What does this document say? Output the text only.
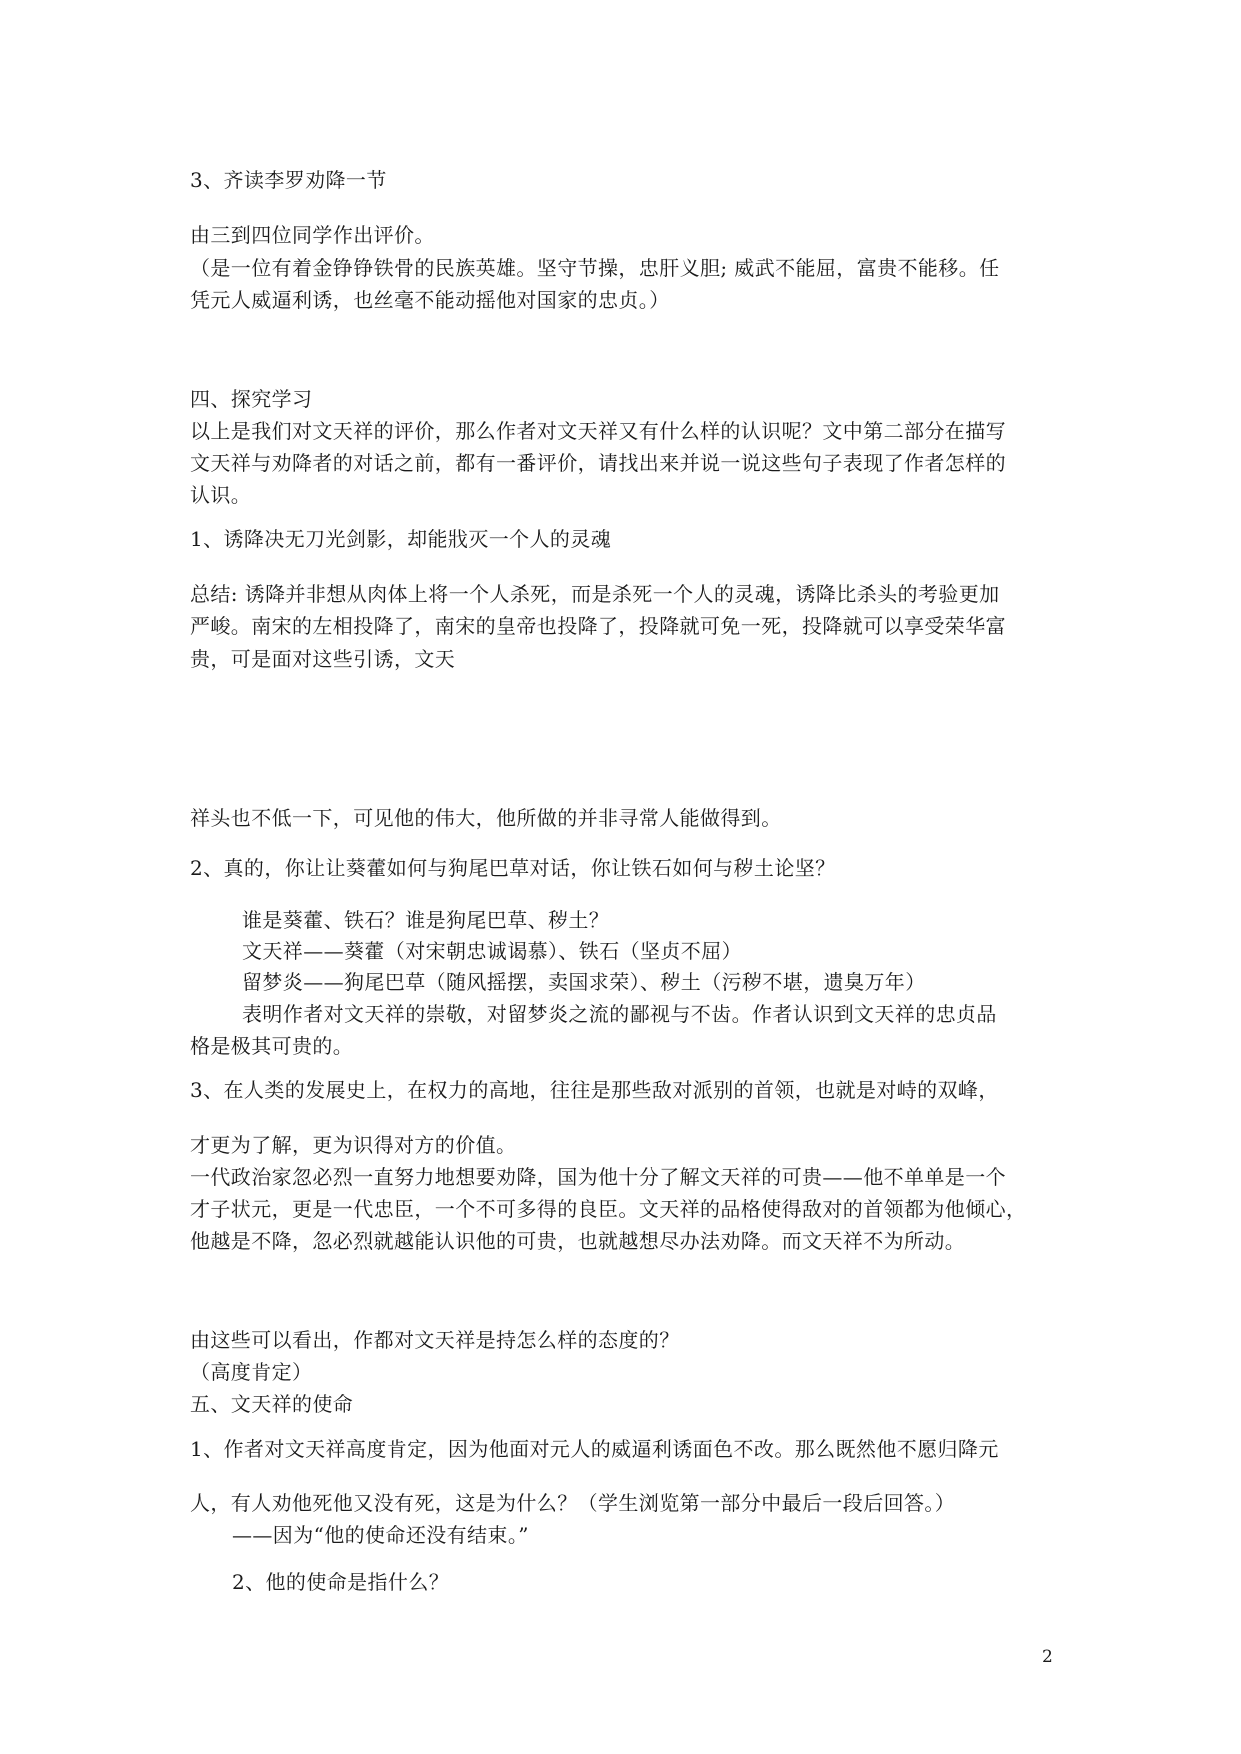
3、齐读李罗劝降一节
由三到四位同学作出评价。
（是一位有着金铮铮铁骨的民族英雄。坚守节操，忠肝义胆; 威武不能屈，富贵不能移。任
凭元人威逼利诱，也丝毫不能动摇他对国家的忠贞。）
四、探究学习
以上是我们对文天祥的评价，那么作者对文天祥又有什么样的认识呢？文中第二部分在描写
文天祥与劝降者的对话之前，都有一番评价，请找出来并说一说这些句子表现了作者怎样的
认识。
1、诱降决无刀光剑影，却能戕灭一个人的灵魂
总结: 诱降并非想从肉体上将一个人杀死，而是杀死一个人的灵魂，诱降比杀头的考验更加
严峻。南宋的左相投降了，南宋的皇帝也投降了，投降就可免一死，投降就可以享受荣华富
贵，可是面对这些引诱，文天
祥头也不低一下，可见他的伟大，他所做的并非寻常人能做得到。
2、真的，你让让葵藿如何与狗尾巴草对话，你让铁石如何与秽土论坚？
谁是葵藿、铁石？谁是狗尾巴草、秽土？
文天祥——葵藿（对宋朝忠诚谒慕）、铁石（坚贞不屈）
留梦炎——狗尾巴草（随风摇摆，卖国求荣）、秽土（污秽不堪，遗臭万年）
表明作者对文天祥的崇敬，对留梦炎之流的鄙视与不齿。作者认识到文天祥的忠贞品
格是极其可贵的。
3、在人类的发展史上，在权力的高地，往往是那些敌对派别的首领，也就是对峙的双峰，
才更为了解，更为识得对方的价值。
一代政治家忽必烈一直努力地想要劝降，国为他十分了解文天祥的可贵——他不单单是一个
才子状元，更是一代忠臣，一个不可多得的良臣。文天祥的品格使得敌对的首领都为他倾心，
他越是不降，忽必烈就越能认识他的可贵，也就越想尽办法劝降。而文天祥不为所动。
由这些可以看出，作都对文天祥是持怎么样的态度的？
（高度肯定）
五、文天祥的使命
1、作者对文天祥高度肯定，因为他面对元人的威逼利诱面色不改。那么既然他不愿归降元
人，有人劝他死他又没有死，这是为什么？（学生浏览第一部分中最后一段后回答。）
——因为“他的使命还没有结束。”
2、他的使命是指什么？
2
